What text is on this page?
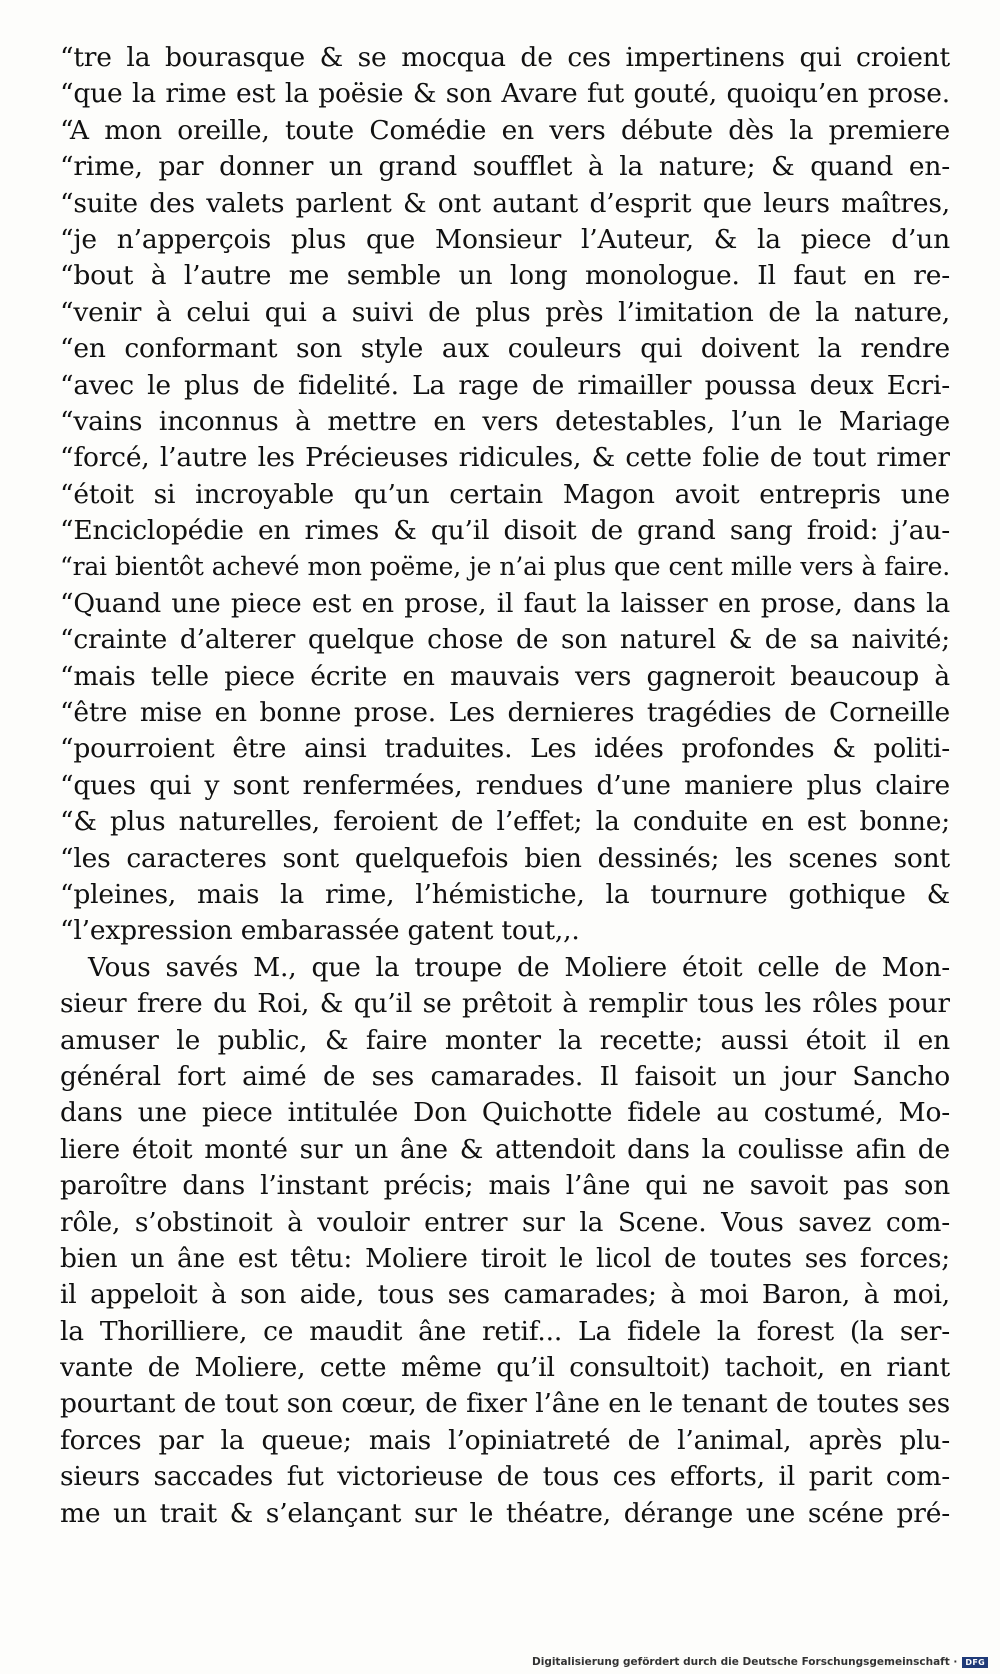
“tre la bourasque & se mocqua de ces impertinens qui croient
“que la rime est la poësie & son Avare fut gouté, quoiqu’en prose.
“A mon oreille, toute Comédie en vers débute dès la premiere
“rime, par donner un grand soufflet à la nature; & quand en-
“suite des valets parlent & ont autant d’esprit que leurs maîtres,
“je n’apperçois plus que Monsieur l’Auteur, & la piece d’un
“bout à l’autre me semble un long monologue. Il faut en re-
“venir à celui qui a suivi de plus près l’imitation de la nature,
“en conformant son style aux couleurs qui doivent la rendre
“avec le plus de fidelité. La rage de rimailler poussa deux Ecri-
“vains inconnus à mettre en vers detestables, l’un le Mariage
“forcé, l’autre les Précieuses ridicules, & cette folie de tout rimer
“étoit si incroyable qu’un certain Magon avoit entrepris une
“Enciclopédie en rimes & qu’il disoit de grand sang froid: j’au-
“rai bientôt achevé mon poëme, je n’ai plus que cent mille vers à faire.
“Quand une piece est en prose, il faut la laisser en prose, dans la
“crainte d’alterer quelque chose de son naturel & de sa naivité;
“mais telle piece écrite en mauvais vers gagneroit beaucoup à
“être mise en bonne prose. Les dernieres tragédies de Corneille
“pourroient être ainsi traduites. Les idées profondes & politi-
“ques qui y sont renfermées, rendues d’une maniere plus claire
“& plus naturelles, feroient de l’effet; la conduite en est bonne;
“les caracteres sont quelquefois bien dessinés; les scenes sont
“pleines, mais la rime, l’hémistiche, la tournure gothique &
“l’expression embarassée gatent tout,,.
Vous savés M., que la troupe de Moliere étoit celle de Mon-
sieur frere du Roi, & qu’il se prêtoit à remplir tous les rôles pour
amuser le public, & faire monter la recette; aussi étoit il en
général fort aimé de ses camarades. Il faisoit un jour Sancho
dans une piece intitulée Don Quichotte fidele au costumé, Mo-
liere étoit monté sur un âne & attendoit dans la coulisse afin de
paroître dans l’instant précis; mais l’âne qui ne savoit pas son
rôle, s’obstinoit à vouloir entrer sur la Scene. Vous savez com-
bien un âne est têtu: Moliere tiroit le licol de toutes ses forces;
il appeloit à son aide, tous ses camarades; à moi Baron, à moi,
la Thorilliere, ce maudit âne retif... La fidele la forest (la ser-
vante de Moliere, cette même qu’il consultoit) tachoit, en riant
pourtant de tout son cœur, de fixer l’âne en le tenant de toutes ses
forces par la queue; mais l’opiniatreté de l’animal, après plu-
sieurs saccades fut victorieuse de tous ces efforts, il parit com-
me un trait & s’elançant sur le théatre, dérange une scéne pré-
Digitalisierung gefördert durch die Deutsche Forschungsgemeinschaft ·	DFG
